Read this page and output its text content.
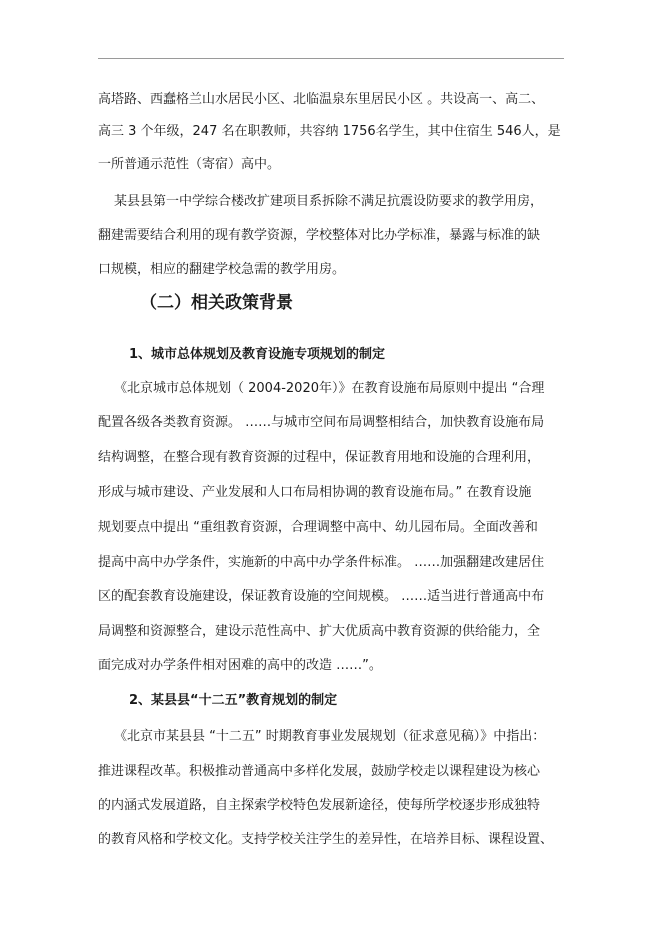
高塔路、西蠢格兰山水居民小区、北临温泉东里居民小区 。共设高一、高二、
高三 3 个年级，247 名在职教师，共容纳 1756名学生，其中住宿生 546人，是
一所普通示范性（寄宿）高中。
某县县第一中学综合楼改扩建项目系拆除不满足抗震设防要求的教学用房，
翻建需要结合利用的现有教学资源，学校整体对比办学标准，暴露与标准的缺
口规模，相应的翻建学校急需的教学用房。
（二）相关政策背景
1、城市总体规划及教育设施专项规划的制定
《北京城市总体规划（ 2004-2020年）》在教育设施布局原则中提出 “合理
配置各级各类教育资源。 ……与城市空间布局调整相结合，加快教育设施布局
结构调整，在整合现有教育资源的过程中，保证教育用地和设施的合理利用，
形成与城市建设、产业发展和人口布局相协调的教育设施布局。” 在教育设施
规划要点中提出 “重组教育资源，合理调整中高中、幼儿园布局。全面改善和
提高中高中办学条件，实施新的中高中办学条件标准。 ……加强翻建改建居住
区的配套教育设施建设，保证教育设施的空间规模。 ……适当进行普通高中布
局调整和资源整合，建设示范性高中、扩大优质高中教育资源的供给能力，全
面完成对办学条件相对困难的高中的改造 ……”。
2、某县县“十二五”教育规划的制定
《北京市某县县 “十二五” 时期教育事业发展规划（征求意见稿）》中指出：
推进课程改革。积极推动普通高中多样化发展，鼓励学校走以课程建设为核心
的内涵式发展道路，自主探索学校特色发展新途径，使每所学校逐步形成独特
的教育风格和学校文化。支持学校关注学生的差异性，在培养目标、课程设置、
